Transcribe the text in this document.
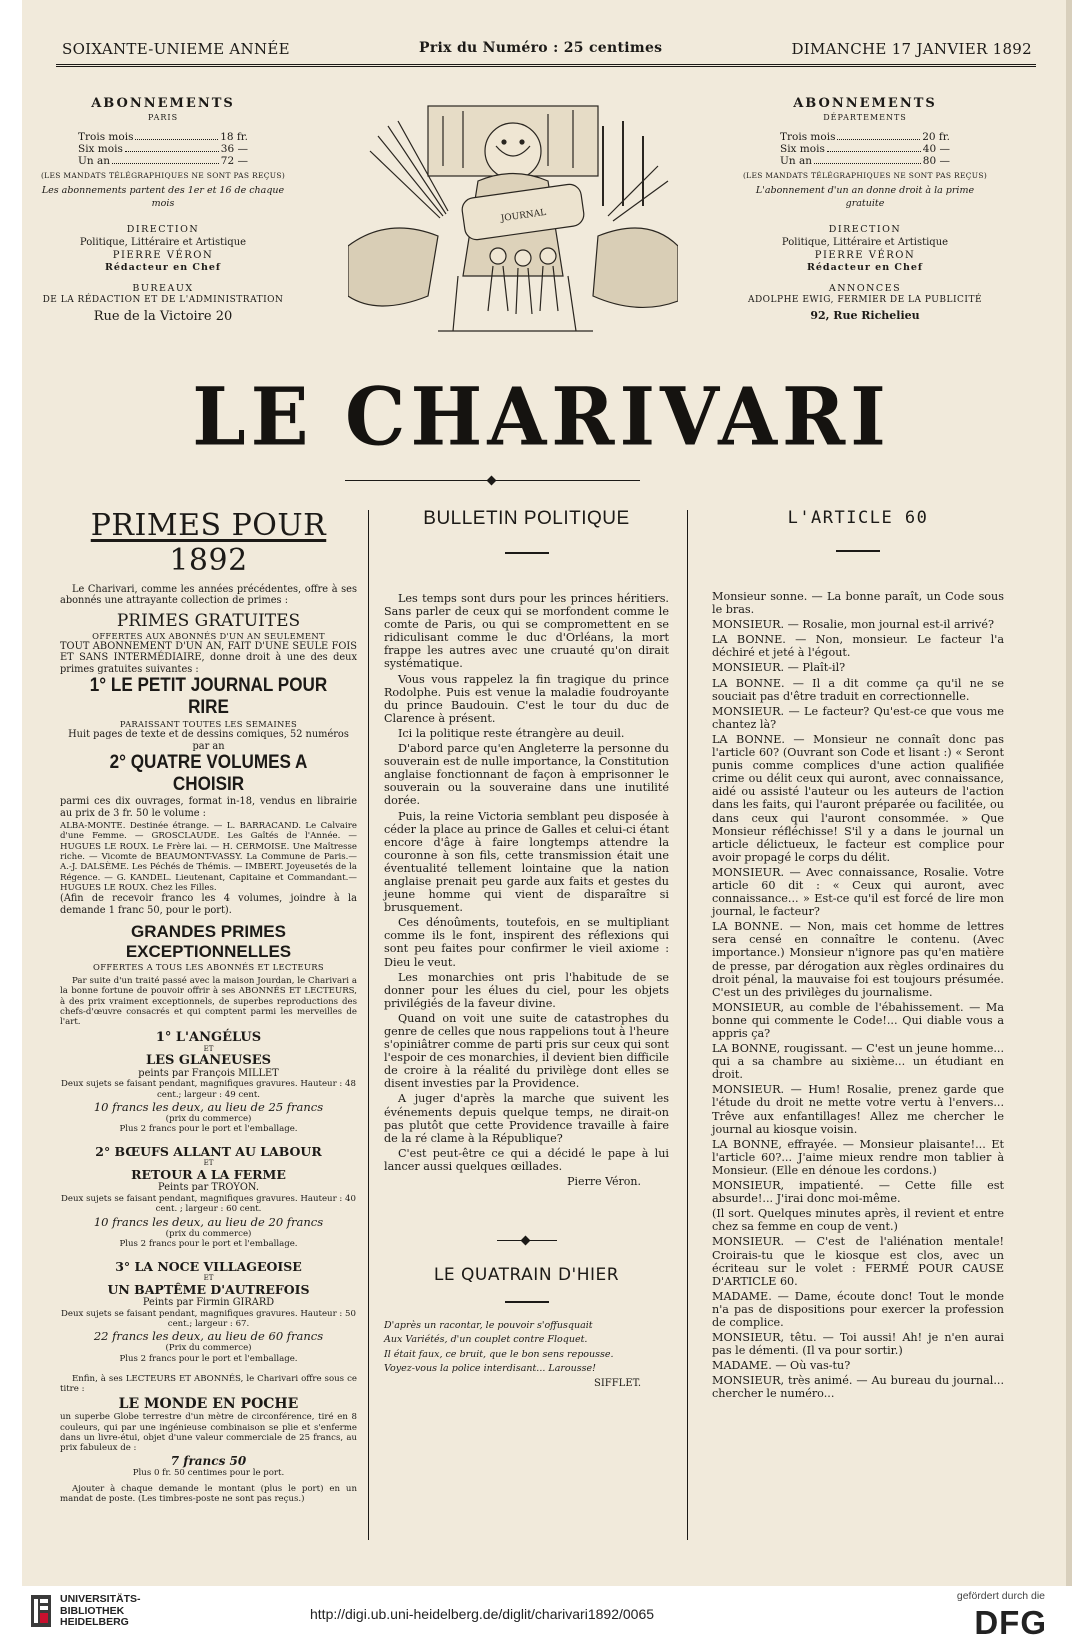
SOIXANTE-UNIEME ANNÉE	Prix du Numéro : 25 centimes	DIMANCHE 17 JANVIER 1892
ABONNEMENTS
PARIS
Trois mois	18 fr.
Six mois	36 —
Un an	72 —
(LES MANDATS TÉLÉGRAPHIQUES NE SONT PAS REÇUS)
Les abonnements partent des 1er et 16 de chaque mois
DIRECTION
Politique, Littéraire et Artistique
PIERRE VÉRON
Rédacteur en Chef
BUREAUX
DE LA RÉDACTION ET DE L'ADMINISTRATION
Rue de la Victoire 20
ABONNEMENTS
DÉPARTEMENTS
Trois mois	20 fr.
Six mois	40 —
Un an	80 —
(LES MANDATS TÉLÉGRAPHIQUES NE SONT PAS REÇUS)
L'abonnement d'un an donne droit à la prime gratuite
DIRECTION
Politique, Littéraire et Artistique
PIERRE VÉRON
Rédacteur en Chef
ANNONCES
ADOLPHE EWIG, FERMIER DE LA PUBLICITÉ
92, Rue Richelieu
JOURNAL
LE CHARIVARI
PRIMES POUR 1892
Le Charivari, comme les années précédentes, offre à ses abonnés une attrayante collection de primes :
PRIMES GRATUITES
OFFERTES AUX ABONNÉS D'UN AN SEULEMENT
TOUT ABONNEMENT D'UN AN, FAIT D'UNE SEULE FOIS ET SANS INTERMÉDIAIRE, donne droit à une des deux primes gratuites suivantes :
1° LE PETIT JOURNAL POUR RIRE
PARAISSANT TOUTES LES SEMAINES
Huit pages de texte et de dessins comiques, 52 numéros par an
2° QUATRE VOLUMES A CHOISIR
parmi ces dix ouvrages, format in-18, vendus en librairie au prix de 3 fr. 50 le volume :
ALBA-MONTE. Destinée étrange. — L. BARRACAND. Le Calvaire d'une Femme. — GROSCLAUDE. Les Gaîtés de l'Année. — HUGUES LE ROUX. Le Frère lai. — H. CERMOISE. Une Maîtresse riche. — Vicomte de BEAUMONT-VASSY. La Commune de Paris.— A.-J. DALSÈME. Les Péchés de Thémis. — IMBERT. Joyeusetés de la Régence. — G. KANDEL. Lieutenant, Capitaine et Commandant.— HUGUES LE ROUX. Chez les Filles.
(Afin de recevoir franco les 4 volumes, joindre à la demande 1 franc 50, pour le port).
GRANDES PRIMES EXCEPTIONNELLES
OFFERTES A TOUS LES ABONNÉS ET LECTEURS
Par suite d'un traité passé avec la maison Jourdan, le Charivari a la bonne fortune de pouvoir offrir à ses ABONNÉS ET LECTEURS, à des prix vraiment exceptionnels, de superbes reproductions des chefs-d'œuvre consacrés et qui comptent parmi les merveilles de l'art.
1° L'ANGÉLUS
ET
LES GLANEUSES
peints par François MILLET
Deux sujets se faisant pendant, magnifiques gravures. Hauteur : 48 cent.; largeur : 49 cent.
10 francs les deux, au lieu de 25 francs
(prix du commerce)
Plus 2 francs pour le port et l'emballage.
2° BŒUFS ALLANT AU LABOUR
ET
RETOUR A LA FERME
Peints par TROYON.
Deux sujets se faisant pendant, magnifiques gravures. Hauteur : 40 cent. ; largeur : 60 cent.
10 francs les deux, au lieu de 20 francs
(prix du commerce)
Plus 2 francs pour le port et l'emballage.
3° LA NOCE VILLAGEOISE
ET
UN BAPTÊME D'AUTREFOIS
Peints par Firmin GIRARD
Deux sujets se faisant pendant, magnifiques gravures. Hauteur : 50 cent.; largeur : 67.
22 francs les deux, au lieu de 60 francs
(Prix du commerce)
Plus 2 francs pour le port et l'emballage.
Enfin, à ses LECTEURS ET ABONNÉS, le Charivari offre sous ce titre :
LE MONDE EN POCHE
un superbe Globe terrestre d'un mètre de circonférence, tiré en 8 couleurs, qui par une ingénieuse combinaison se plie et s'enferme dans un livre-étui, objet d'une valeur commerciale de 25 francs, au prix fabuleux de :
7 francs 50
Plus 0 fr. 50 centimes pour le port.
Ajouter à chaque demande le montant (plus le port) en un mandat de poste. (Les timbres-poste ne sont pas reçus.)
BULLETIN POLITIQUE

Les temps sont durs pour les princes héritiers. Sans parler de ceux qui se morfondent comme le comte de Paris, ou qui se compromettent en se ridiculisant comme le duc d'Orléans, la mort frappe les autres avec une cruauté qu'on dirait systématique.

Vous vous rappelez la fin tragique du prince Rodolphe. Puis est venue la maladie foudroyante du prince Baudouin. C'est le tour du duc de Clarence à présent.

Ici la politique reste étrangère au deuil.

D'abord parce qu'en Angleterre la personne du souverain est de nulle importance, la Constitution anglaise fonctionnant de façon à emprisonner le souverain ou la souveraine dans une inutilité dorée.

Puis, la reine Victoria semblant peu disposée à céder la place au prince de Galles et celui-ci étant encore d'âge à faire longtemps attendre la couronne à son fils, cette transmission était une éventualité tellement lointaine que la nation anglaise prenait peu garde aux faits et gestes du jeune homme qui vient de disparaître si brusquement.

Ces dénoûments, toutefois, en se multipliant comme ils le font, inspirent des réflexions qui sont peu faites pour confirmer le vieil axiome : Dieu le veut.

Les monarchies ont pris l'habitude de se donner pour les élues du ciel, pour les objets privilégiés de la faveur divine.

Quand on voit une suite de catastrophes du genre de celles que nous rappelions tout à l'heure s'opiniâtrer comme de parti pris sur ceux qui sont l'espoir de ces monarchies, il devient bien difficile de croire à la réalité du privilège dont elles se disent investies par la Providence.

A juger d'après la marche que suivent les événements depuis quelque temps, ne dirait-on pas plutôt que cette Providence travaille à faire de la ré clame à la République?

C'est peut-être ce qui a décidé le pape à lui lancer aussi quelques œillades.

Pierre Véron.
LE QUATRAIN D'HIER
D'après un racontar, le pouvoir s'offusquait
Aux Variétés, d'un couplet contre Floquet.
Il était faux, ce bruit, que le bon sens repousse.
Voyez-vous la police interdisant... Larousse!
SIFFLET.
L'ARTICLE 60

Monsieur sonne. — La bonne paraît, un Code sous le bras.

MONSIEUR. — Rosalie, mon journal est-il arrivé?

LA BONNE. — Non, monsieur. Le facteur l'a déchiré et jeté à l'égout.

MONSIEUR. — Plaît-il?

LA BONNE. — Il a dit comme ça qu'il ne se souciait pas d'être traduit en correctionnelle.

MONSIEUR. — Le facteur? Qu'est-ce que vous me chantez là?

LA BONNE. — Monsieur ne connaît donc pas l'article 60? (Ouvrant son Code et lisant :) « Seront punis comme complices d'une action qualifiée crime ou délit ceux qui auront, avec connaissance, aidé ou assisté l'auteur ou les auteurs de l'action dans les faits, qui l'auront préparée ou facilitée, ou dans ceux qui l'auront consommée. » Que Monsieur réfléchisse! S'il y a dans le journal un article délictueux, le facteur est complice pour avoir propagé le corps du délit.

MONSIEUR. — Avec connaissance, Rosalie. Votre article 60 dit : « Ceux qui auront, avec connaissance... » Est-ce qu'il est forcé de lire mon journal, le facteur?

LA BONNE. — Non, mais cet homme de lettres sera censé en connaître le contenu. (Avec importance.) Monsieur n'ignore pas qu'en matière de presse, par dérogation aux règles ordinaires du droit pénal, la mauvaise foi est toujours présumée. C'est un des privilèges du journalisme.

MONSIEUR, au comble de l'ébahissement. — Ma bonne qui commente le Code!... Qui diable vous a appris ça?

LA BONNE, rougissant. — C'est un jeune homme... qui a sa chambre au sixième... un étudiant en droit.

MONSIEUR. — Hum! Rosalie, prenez garde que l'étude du droit ne mette votre vertu à l'envers... Trêve aux enfantillages! Allez me chercher le journal au kiosque voisin.

LA BONNE, effrayée. — Monsieur plaisante!... Et l'article 60?... J'aime mieux rendre mon tablier à Monsieur. (Elle en dénoue les cordons.)

MONSIEUR, impatienté. — Cette fille est absurde!... J'irai donc moi-même.

(Il sort. Quelques minutes après, il revient et entre chez sa femme en coup de vent.)

MONSIEUR. — C'est de l'aliénation mentale! Croirais-tu que le kiosque est clos, avec un écriteau sur le volet : FERMÉ POUR CAUSE D'ARTICLE 60.

MADAME. — Dame, écoute donc! Tout le monde n'a pas de dispositions pour exercer la profession de complice.

MONSIEUR, têtu. — Toi aussi! Ah! je n'en aurai pas le démenti. (Il va pour sortir.)

MADAME. — Où vas-tu?

MONSIEUR, très animé. — Au bureau du journal... chercher le numéro...

UNIVERSITÄTS-
BIBLIOTHEK
HEIDELBERG
http://digi.ub.uni-heidelberg.de/diglit/charivari1892/0065
gefördert durch die
DFG
